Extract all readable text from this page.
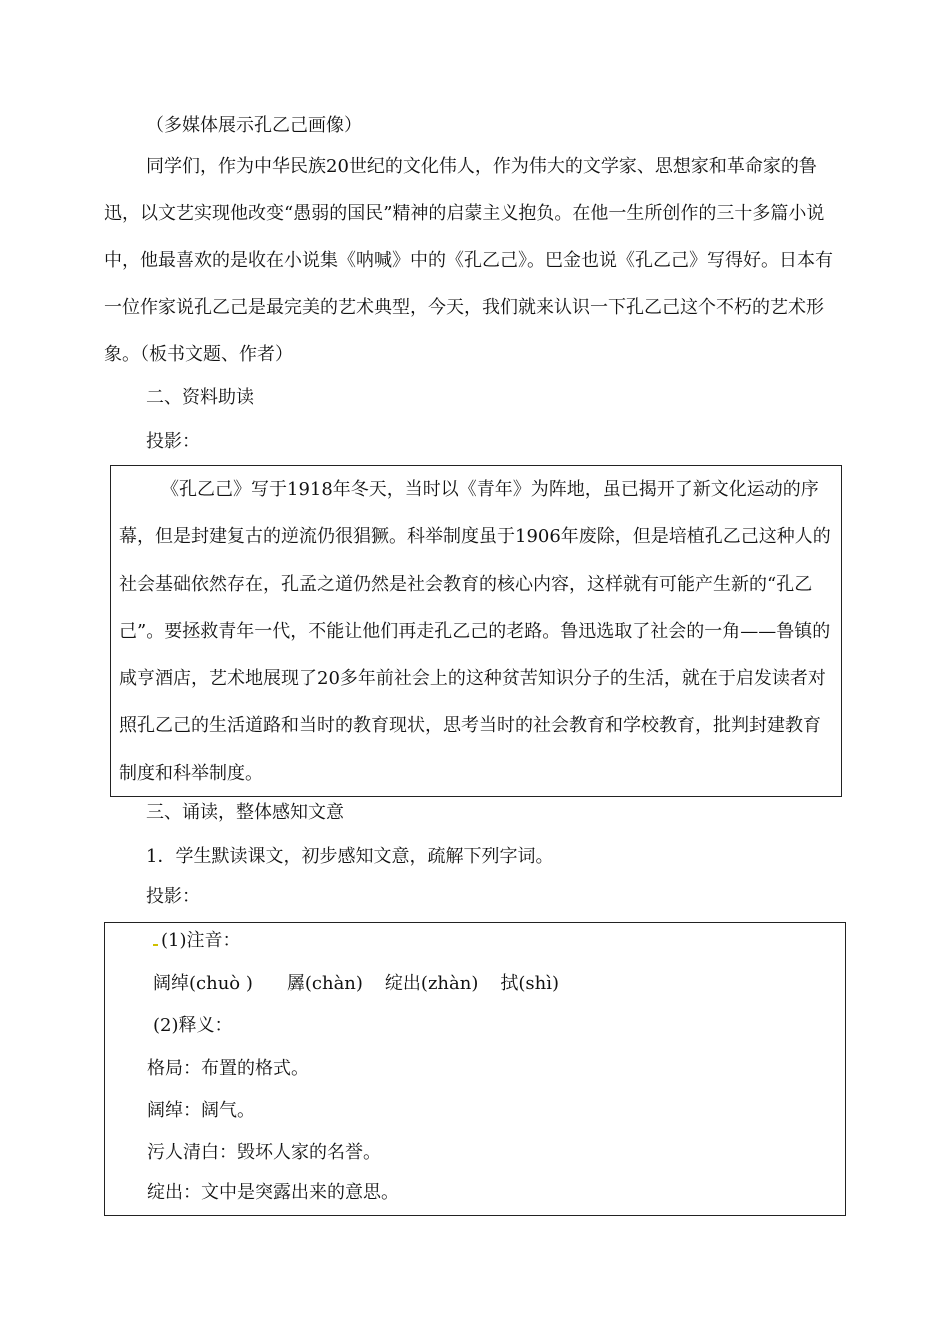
（多媒体展示孔乙己画像）
同学们，作为中华民族20世纪的文化伟人，作为伟大的文学家、思想家和革命家的鲁迅，以文艺实现他改变“愚弱的国民”精神的启蒙主义抱负。在他一生所创作的三十多篇小说中，他最喜欢的是收在小说集《呐喊》中的《孔乙己》。巴金也说《孔乙己》写得好。日本有一位作家说孔乙己是最完美的艺术典型，今天，我们就来认识一下孔乙己这个不朽的艺术形象。（板书文题、作者）
二、资料助读
投影：
《孔乙己》写于1918年冬天，当时以《青年》为阵地，虽已揭开了新文化运动的序幕，但是封建复古的逆流仍很猖獗。科举制度虽于1906年废除，但是培植孔乙己这种人的社会基础依然存在，孔孟之道仍然是社会教育的核心内容，这样就有可能产生新的“孔乙己”。要拯救青年一代，不能让他们再走孔乙己的老路。鲁迅选取了社会的一角——鲁镇的咸亨酒店，艺术地展现了20多年前社会上的这种贫苦知识分子的生活，就在于启发读者对照孔乙己的生活道路和当时的教育现状，思考当时的社会教育和学校教育，批判封建教育制度和科举制度。
三、诵读，整体感知文意
1．学生默读课文，初步感知文意，疏解下列字词。
投影：
(1)注音：
阔绰(chuò ) 羼(chàn) 绽出(zhàn) 拭(shì)
(2)释义：
格局：布置的格式。
阔绰：阔气。
污人清白：毁坏人家的名誉。
绽出：文中是突露出来的意思。
